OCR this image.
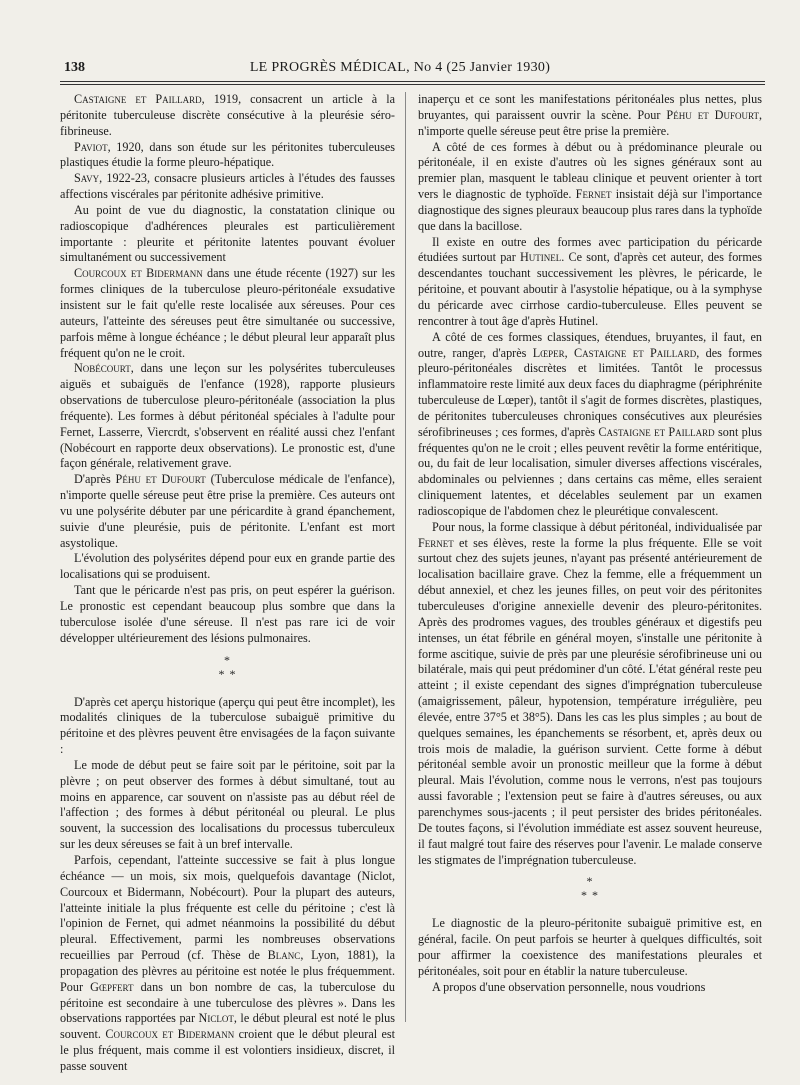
138	LE PROGRÈS MÉDICAL, No 4 (25 Janvier 1930)

Castaigne et Paillard, 1919, consacrent un article à la péritonite tuberculeuse discrète consécutive à la pleurésie séro-fibrineuse.

Paviot, 1920, dans son étude sur les péritonites tuberculeuses plastiques étudie la forme pleuro-hépatique.

Savy, 1922-23, consacre plusieurs articles à l'études des fausses affections viscérales par péritonite adhésive primitive.

Au point de vue du diagnostic, la constatation clinique ou radioscopique d'adhérences pleurales est particulièrement importante : pleurite et péritonite latentes pouvant évoluer simultanément ou successivement

Courcoux et Bidermann dans une étude récente (1927) sur les formes cliniques de la tuberculose pleuro-péritonéale exsudative insistent sur le fait qu'elle reste localisée aux séreuses. Pour ces auteurs, l'atteinte des séreuses peut être simultanée ou successive, parfois même à longue échéance ; le début pleural leur apparaît plus fréquent qu'on ne le croit.

Nobécourt, dans une leçon sur les polysérites tuberculeuses aiguës et subaiguës de l'enfance (1928), rapporte plusieurs observations de tuberculose pleuro-péritonéale (association la plus fréquente). Les formes à début péritonéal spéciales à l'adulte pour Fernet, Lasserre, Viercrdt, s'observent en réalité aussi chez l'enfant (Nobécourt en rapporte deux observations). Le pronostic est, d'une façon générale, relativement grave.

D'après Péhu et Dufourt (Tuberculose médicale de l'enfance), n'importe quelle séreuse peut être prise la première. Ces auteurs ont vu une polysérite débuter par une péricardite à grand épanchement, suivie d'une pleurésie, puis de péritonite. L'enfant est mort asystolique.

L'évolution des polysérites dépend pour eux en grande partie des localisations qui se produisent.

Tant que le péricarde n'est pas pris, on peut espérer la guérison. Le pronostic est cependant beaucoup plus sombre que dans la tuberculose isolée d'une séreuse. Il n'est pas rare ici de voir développer ultérieurement des lésions pulmonaires.

*
* *

D'après cet aperçu historique (aperçu qui peut être incomplet), les modalités cliniques de la tuberculose subaiguë primitive du péritoine et des plèvres peuvent être envisagées de la façon suivante :

Le mode de début peut se faire soit par le péritoine, soit par la plèvre ; on peut observer des formes à début simultané, tout au moins en apparence, car souvent on n'assiste pas au début réel de l'affection ; des formes à début péritonéal ou pleural. Le plus souvent, la succession des localisations du processus tuberculeux sur les deux séreuses se fait à un bref intervalle.

Parfois, cependant, l'atteinte successive se fait à plus longue échéance — un mois, six mois, quelquefois davantage (Niclot, Courcoux et Bidermann, Nobécourt). Pour la plupart des auteurs, l'atteinte initiale la plus fréquente est celle du péritoine ; c'est là l'opinion de Fernet, qui admet néanmoins la possibilité du début pleural. Effectivement, parmi les nombreuses observations recueillies par Perroud (cf. Thèse de Blanc, Lyon, 1881), la propagation des plèvres au péritoine est notée le plus fréquemment. Pour Gœpfert dans un bon nombre de cas, la tuberculose du péritoine est secondaire à une tuberculose des plèvres ». Dans les observations rapportées par Niclot, le début pleural est noté le plus souvent. Courcoux et Bidermann croient que le début pleural est le plus fréquent, mais comme il est volontiers insidieux, discret, il passe souvent

inaperçu et ce sont les manifestations péritonéales plus nettes, plus bruyantes, qui paraissent ouvrir la scène. Pour Péhu et Dufourt, n'importe quelle séreuse peut être prise la première.

A côté de ces formes à début ou à prédominance pleurale ou péritonéale, il en existe d'autres où les signes généraux sont au premier plan, masquent le tableau clinique et peuvent orienter à tort vers le diagnostic de typhoïde. Fernet insistait déjà sur l'importance diagnostique des signes pleuraux beaucoup plus rares dans la typhoïde que dans la bacillose.

Il existe en outre des formes avec participation du péricarde étudiées surtout par Hutinel. Ce sont, d'après cet auteur, des formes descendantes touchant successivement les plèvres, le péricarde, le péritoine, et pouvant aboutir à l'asystolie hépatique, ou à la symphyse du péricarde avec cirrhose cardio-tuberculeuse. Elles peuvent se rencontrer à tout âge d'après Hutinel.

A côté de ces formes classiques, étendues, bruyantes, il faut, en outre, ranger, d'après Lœper, Castaigne et Paillard, des formes pleuro-péritonéales discrètes et limitées. Tantôt le processus inflammatoire reste limité aux deux faces du diaphragme (périphrénite tuberculeuse de Lœper), tantôt il s'agit de formes discrètes, plastiques, de péritonites tuberculeuses chroniques consécutives aux pleurésies sérofibrineuses ; ces formes, d'après Castaigne et Paillard sont plus fréquentes qu'on ne le croit ; elles peuvent revêtir la forme entéritique, ou, du fait de leur localisation, simuler diverses affections viscérales, abdominales ou pelviennes ; dans certains cas même, elles seraient cliniquement latentes, et décelables seulement par un examen radioscopique de l'abdomen chez le pleurétique convalescent.

Pour nous, la forme classique à début péritonéal, individualisée par Fernet et ses élèves, reste la forme la plus fréquente. Elle se voit surtout chez des sujets jeunes, n'ayant pas présenté antérieurement de localisation bacillaire grave. Chez la femme, elle a fréquemment un début annexiel, et chez les jeunes filles, on peut voir des péritonites tuberculeuses d'origine annexielle devenir des pleuro-péritonites. Après des prodromes vagues, des troubles généraux et digestifs peu intenses, un état fébrile en général moyen, s'installe une péritonite à forme ascitique, suivie de près par une pleurésie sérofibrineuse uni ou bilatérale, mais qui peut prédominer d'un côté. L'état général reste peu atteint ; il existe cependant des signes d'imprégnation tuberculeuse (amaigrissement, pâleur, hypotension, température irrégulière, peu élevée, entre 37°5 et 38°5). Dans les cas les plus simples ; au bout de quelques semaines, les épanchements se résorbent, et, après deux ou trois mois de maladie, la guérison survient. Cette forme à début péritonéal semble avoir un pronostic meilleur que la forme à début pleural. Mais l'évolution, comme nous le verrons, n'est pas toujours aussi favorable ; l'extension peut se faire à d'autres séreuses, ou aux parenchymes sous-jacents ; il peut persister des brides péritonéales. De toutes façons, si l'évolution immédiate est assez souvent heureuse, il faut malgré tout faire des réserves pour l'avenir. Le malade conserve les stigmates de l'imprégnation tuberculeuse.

*
* *

Le diagnostic de la pleuro-péritonite subaiguë primitive est, en général, facile. On peut parfois se heurter à quelques difficultés, soit pour affirmer la coexistence des manifestations pleurales et péritonéales, soit pour en établir la nature tuberculeuse.

A propos d'une observation personnelle, nous voudrions
